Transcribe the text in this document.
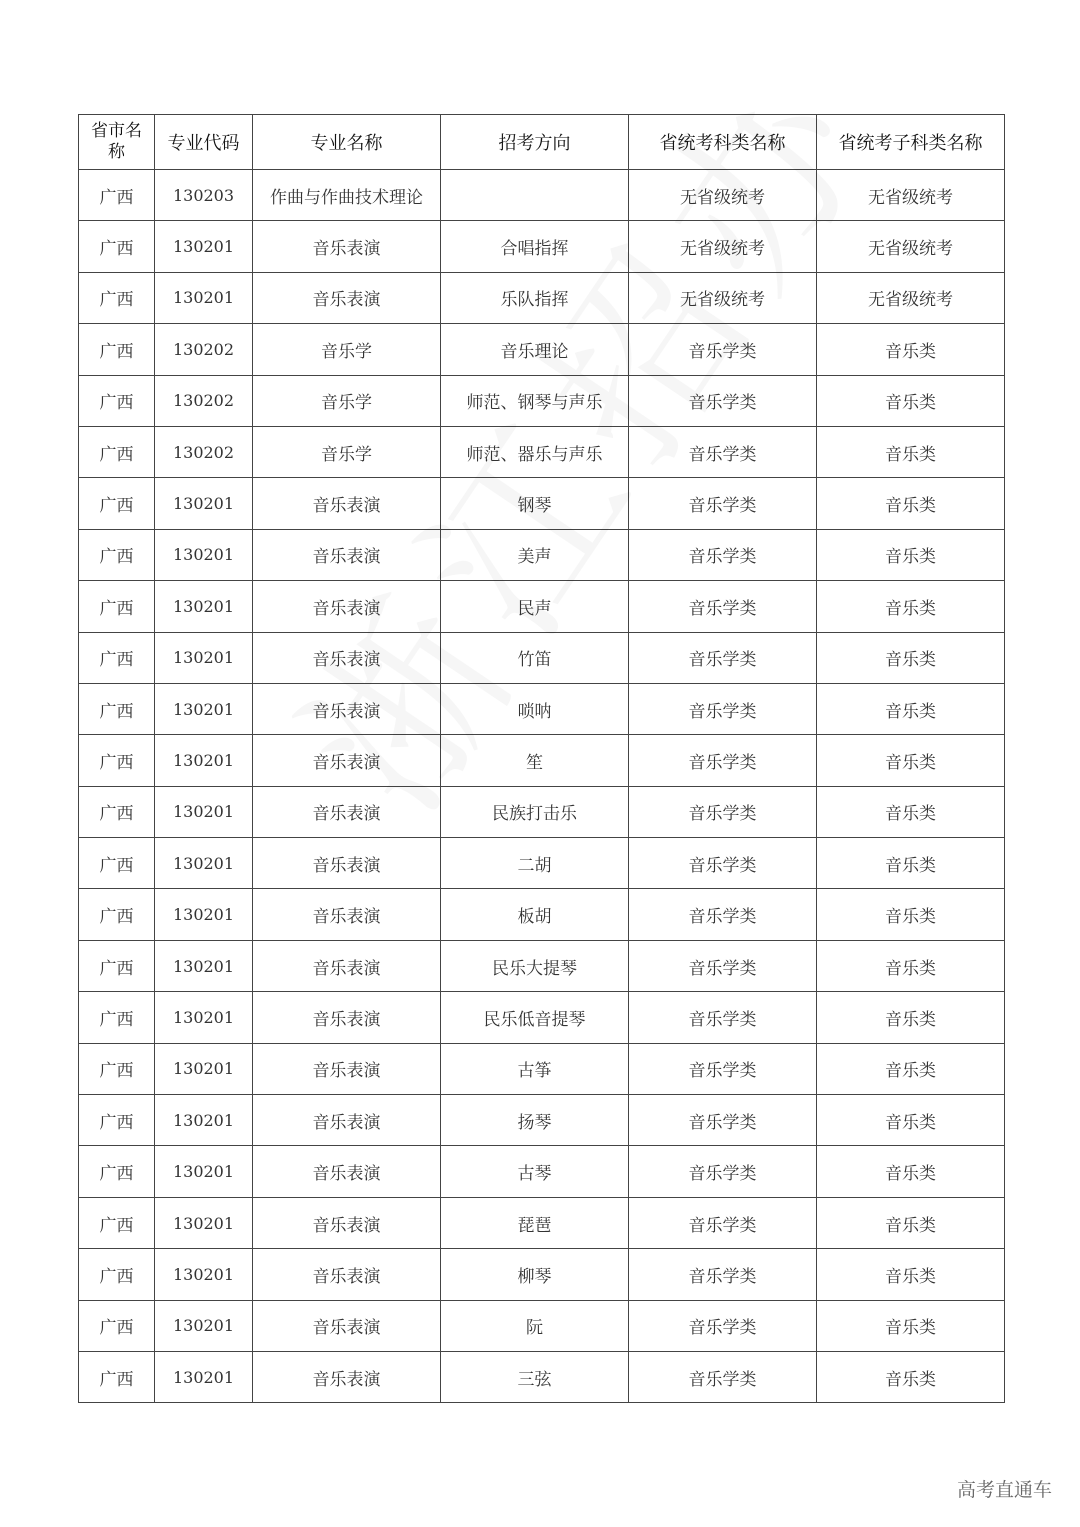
省市名称	专业代码	专业名称	招考方向	省统考科类名称	省统考子科类名称
广西	130203	作曲与作曲技术理论		无省级统考	无省级统考
广西	130201	音乐表演	合唱指挥	无省级统考	无省级统考
广西	130201	音乐表演	乐队指挥	无省级统考	无省级统考
广西	130202	音乐学	音乐理论	音乐学类	音乐类
广西	130202	音乐学	师范、钢琴与声乐	音乐学类	音乐类
广西	130202	音乐学	师范、器乐与声乐	音乐学类	音乐类
广西	130201	音乐表演	钢琴	音乐学类	音乐类
广西	130201	音乐表演	美声	音乐学类	音乐类
广西	130201	音乐表演	民声	音乐学类	音乐类
广西	130201	音乐表演	竹笛	音乐学类	音乐类
广西	130201	音乐表演	唢呐	音乐学类	音乐类
广西	130201	音乐表演	笙	音乐学类	音乐类
广西	130201	音乐表演	民族打击乐	音乐学类	音乐类
广西	130201	音乐表演	二胡	音乐学类	音乐类
广西	130201	音乐表演	板胡	音乐学类	音乐类
广西	130201	音乐表演	民乐大提琴	音乐学类	音乐类
广西	130201	音乐表演	民乐低音提琴	音乐学类	音乐类
广西	130201	音乐表演	古筝	音乐学类	音乐类
广西	130201	音乐表演	扬琴	音乐学类	音乐类
广西	130201	音乐表演	古琴	音乐学类	音乐类
广西	130201	音乐表演	琵琶	音乐学类	音乐类
广西	130201	音乐表演	柳琴	音乐学类	音乐类
广西	130201	音乐表演	阮	音乐学类	音乐类
广西	130201	音乐表演	三弦	音乐学类	音乐类
高考直通车
